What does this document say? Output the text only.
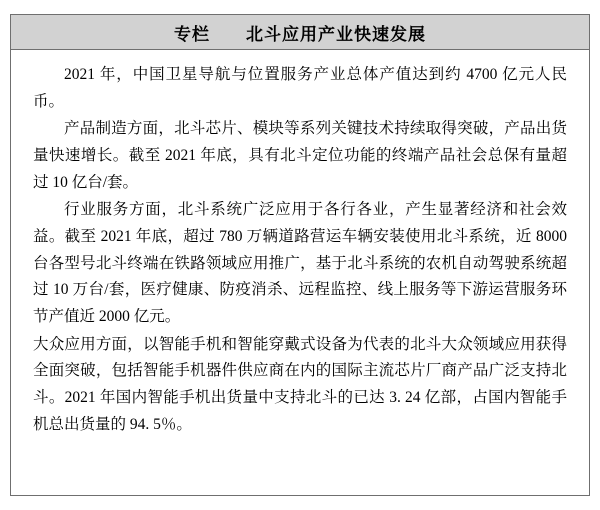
专栏　　北斗应用产业快速发展

2021 年，中国卫星导航与位置服务产业总体产值达到约 4700 亿元人民币。

产品制造方面，北斗芯片、模块等系列关键技术持续取得突破，产品出货量快速增长。截至 2021 年底，具有北斗定位功能的终端产品社会总保有量超过 10 亿台/套。

行业服务方面，北斗系统广泛应用于各行各业，产生显著经济和社会效益。截至 2021 年底，超过 780 万辆道路营运车辆安装使用北斗系统，近 8000 台各型号北斗终端在铁路领域应用推广，基于北斗系统的农机自动驾驶系统超过 10 万台/套，医疗健康、防疫消杀、远程监控、线上服务等下游运营服务环节产值近 2000 亿元。

大众应用方面，以智能手机和智能穿戴式设备为代表的北斗大众领域应用获得全面突破，包括智能手机器件供应商在内的国际主流芯片厂商产品广泛支持北斗。2021 年国内智能手机出货量中支持北斗的已达 3. 24 亿部，占国内智能手机总出货量的 94. 5％。
